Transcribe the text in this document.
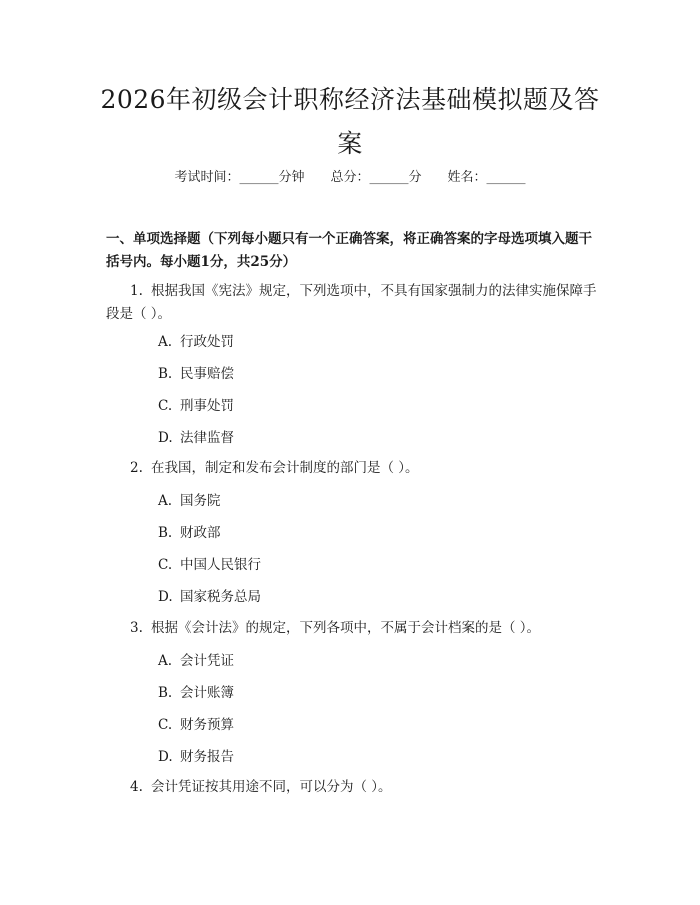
2026年初级会计职称经济法基础模拟题及答案
考试时间：______分钟 总分：______分 姓名：______
一、单项选择题（下列每小题只有一个正确答案，将正确答案的字母选项填入题干括号内。每小题1分，共25分）
1. 根据我国《宪法》规定，下列选项中，不具有国家强制力的法律实施保障手段是（ ）。
A. 行政处罚
B. 民事赔偿
C. 刑事处罚
D. 法律监督
2. 在我国，制定和发布会计制度的部门是（ ）。
A. 国务院
B. 财政部
C. 中国人民银行
D. 国家税务总局
3. 根据《会计法》的规定，下列各项中，不属于会计档案的是（ ）。
A. 会计凭证
B. 会计账簿
C. 财务预算
D. 财务报告
4. 会计凭证按其用途不同，可以分为（ ）。
